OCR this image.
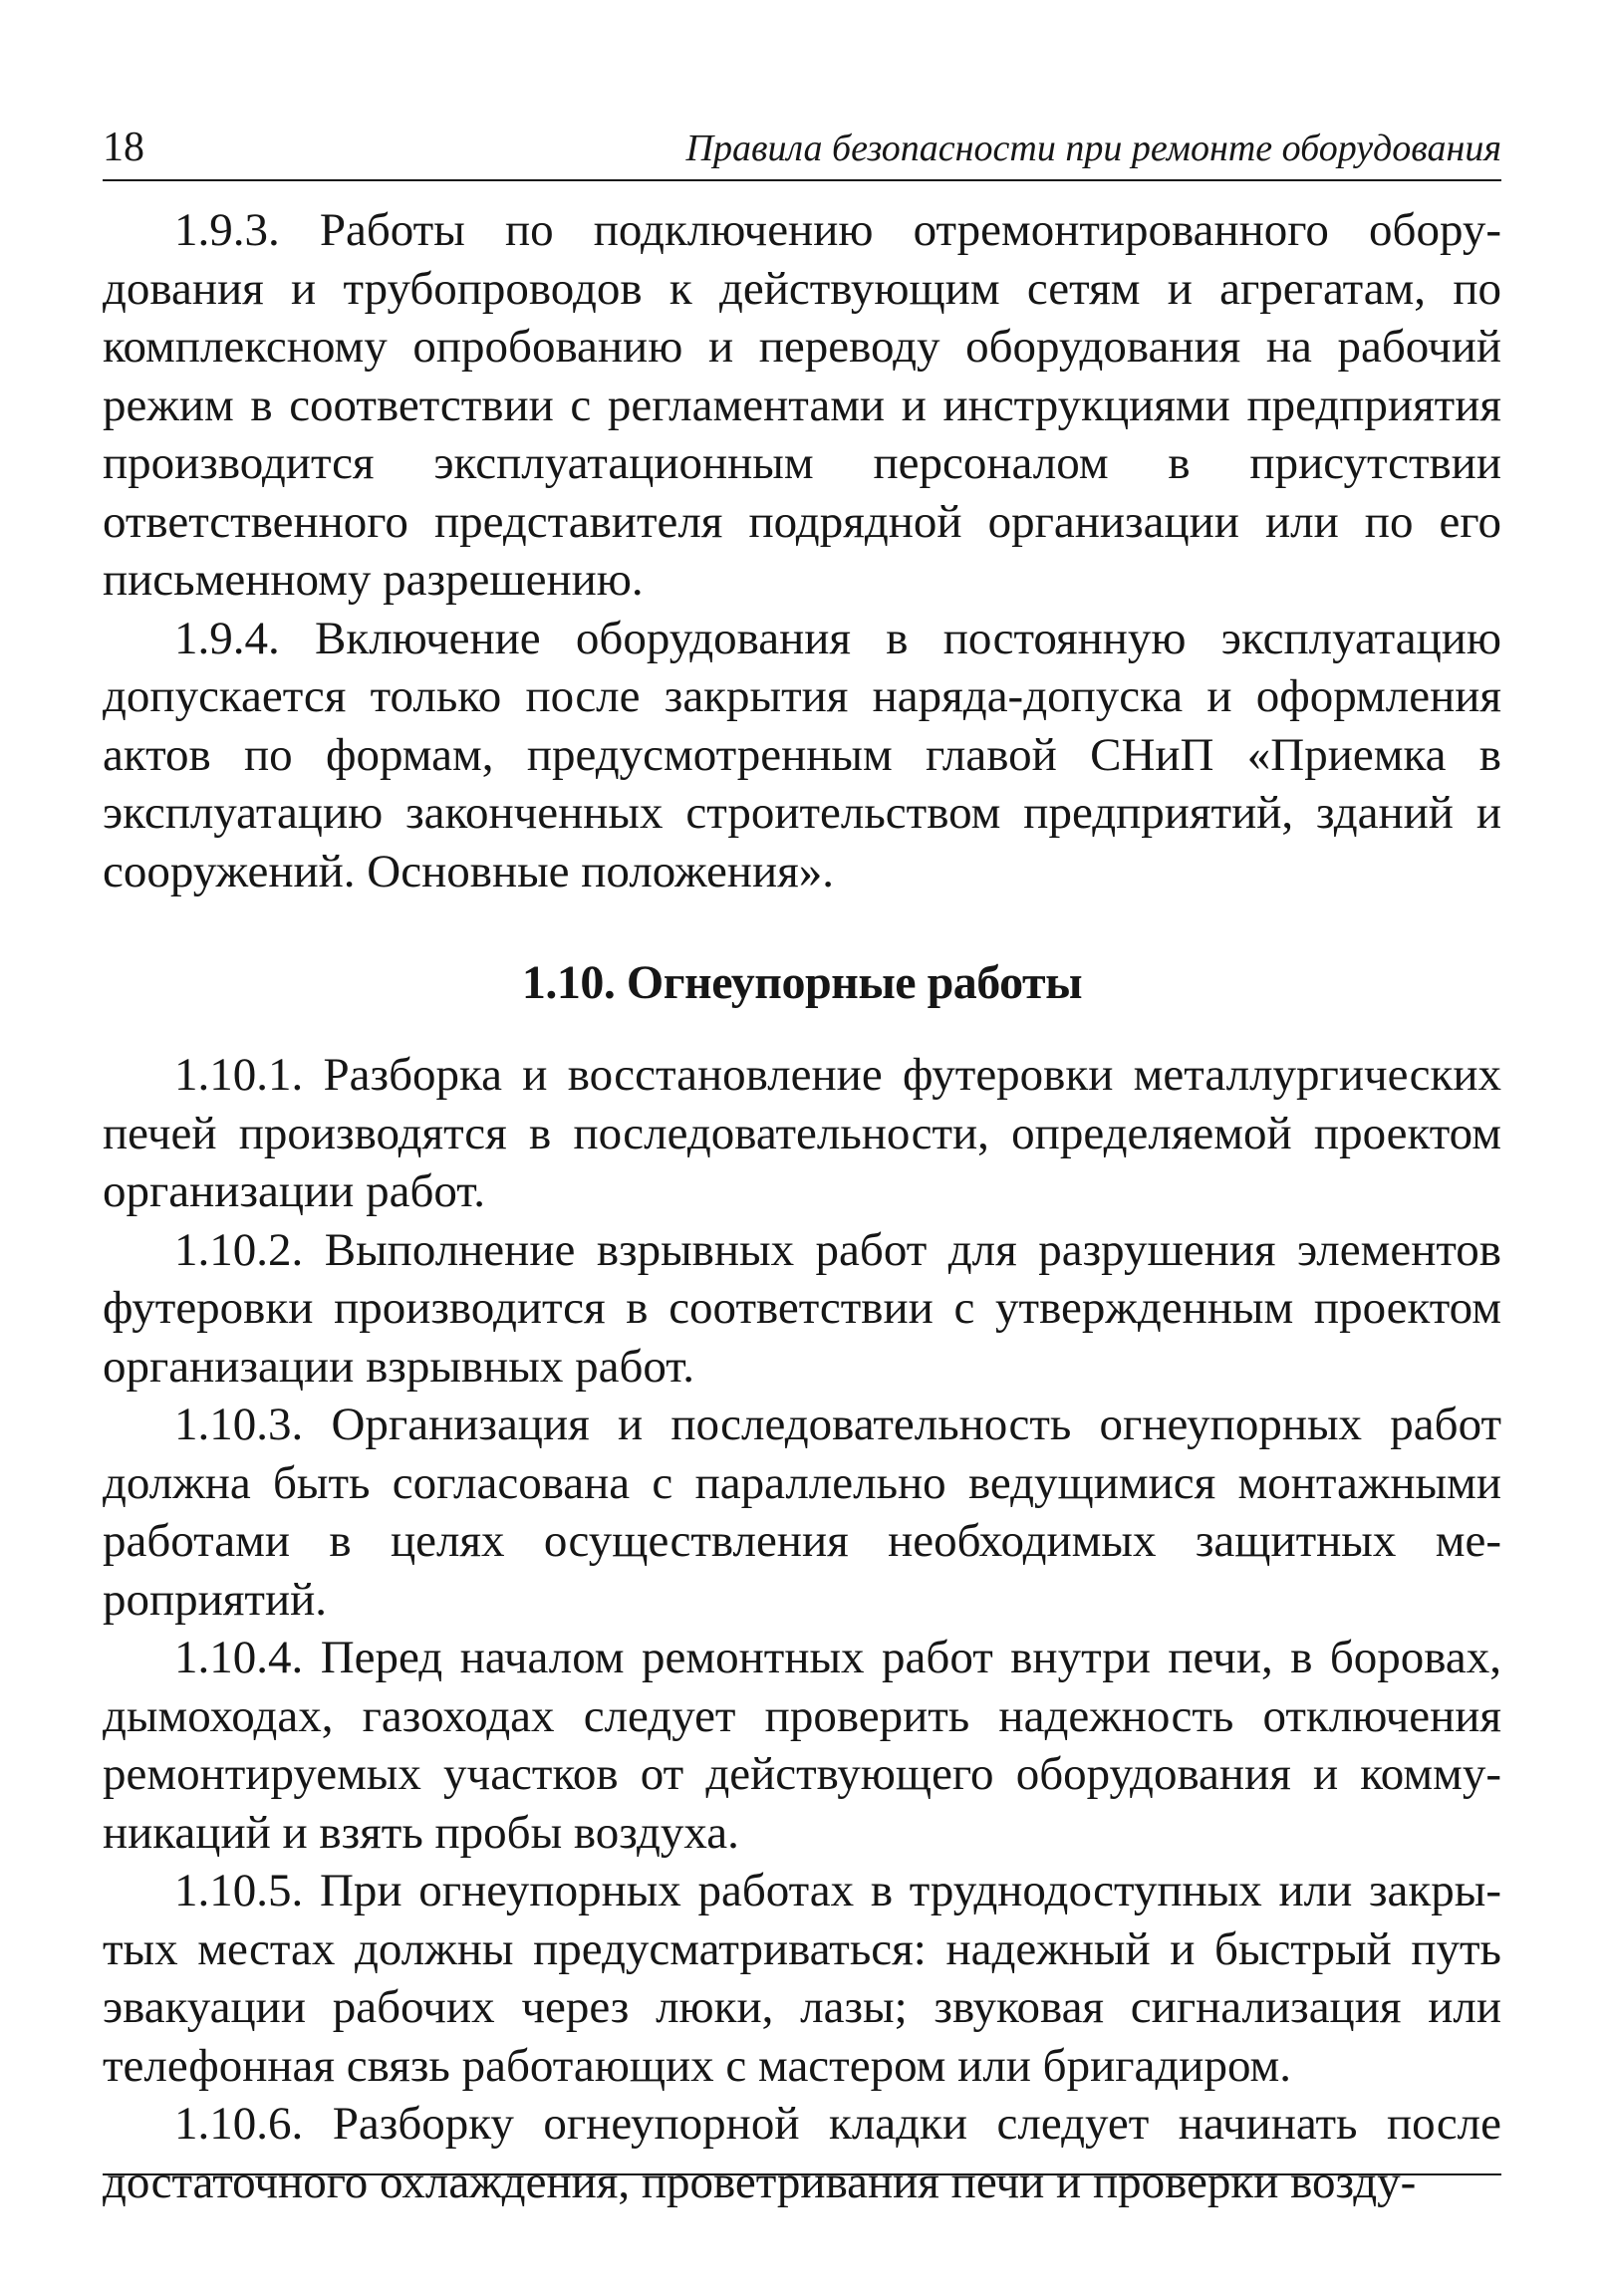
18	Правила безопасности при ремонте оборудования

1.9.3. Работы по подключению отремонтированного оборудования и трубопроводов к действующим сетям и агрегатам, по комплексному опробованию и переводу оборудования на рабочий режим в соответствии с регламентами и инструкциями предприятия производится эксплуатационным персоналом в присутствии ответственного представителя подрядной организации или по его письменному разрешению.

1.9.4. Включение оборудования в постоянную эксплуатацию допускается только после закрытия наряда-допуска и оформления актов по формам, предусмотренным главой СНиП «Приемка в эксплуатацию законченных строительством предприятий, зданий и сооружений. Основные положения».

1.10. Огнеупорные работы

1.10.1. Разборка и восстановление футеровки металлургических печей производятся в последовательности, определяемой проектом организации работ.

1.10.2. Выполнение взрывных работ для разрушения элементов футеровки производится в соответствии с утвержденным проектом организации взрывных работ.

1.10.3. Организация и последовательность огнеупорных работ должна быть согласована с параллельно ведущимися монтажными работами в целях осуществления необходимых защитных мероприятий.

1.10.4. Перед началом ремонтных работ внутри печи, в боровах, дымоходах, газоходах следует проверить надежность отключения ремонтируемых участков от действующего оборудования и коммуникаций и взять пробы воздуха.

1.10.5. При огнеупорных работах в труднодоступных или закрытых местах должны предусматриваться: надежный и быстрый путь эвакуации рабочих через люки, лазы; звуковая сигнализация или телефонная связь работающих с мастером или бригадиром.

1.10.6. Разборку огнеупорной кладки следует начинать после достаточного охлаждения, проветривания печи и проверки возду-
